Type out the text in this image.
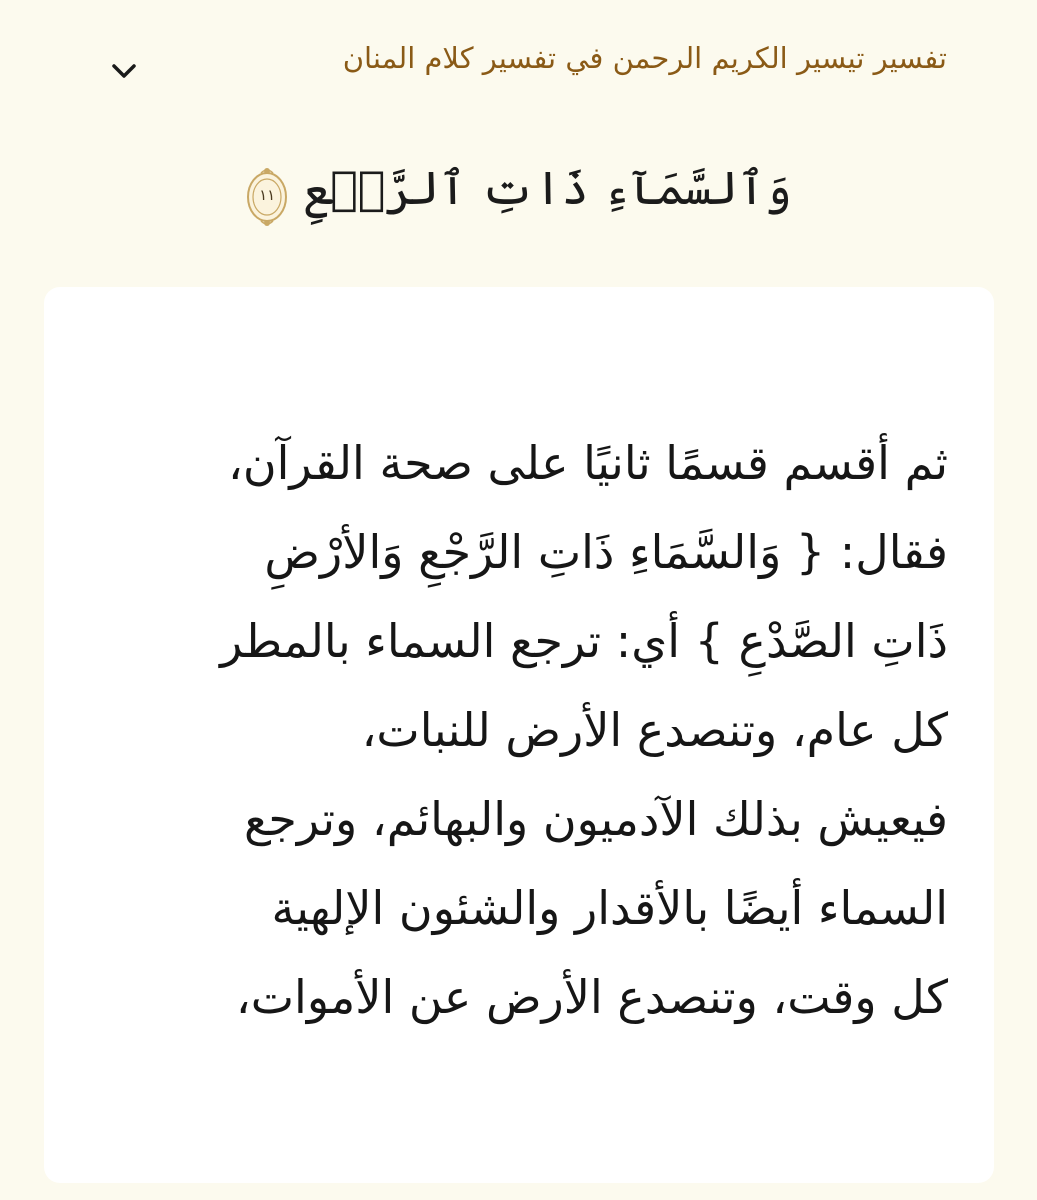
تفسير تيسير الكريم الرحمن في تفسير كلام المنان
وَٱلسَّمَآءِ ذَاتِ ٱلرَّجۡعِ
١١

ثم أقسم قسمًا ثانيًا على صحة القرآن،

فقال: { وَالسَّمَاءِ ذَاتِ الرَّجْعِ وَالأرْضِ

ذَاتِ الصَّدْعِ } أي: ترجع السماء بالمطر

كل عام، وتنصدع الأرض للنبات،

فيعيش بذلك الآدميون والبهائم، وترجع

السماء أيضًا بالأقدار والشئون الإلهية

كل وقت، وتنصدع الأرض عن الأموات،
